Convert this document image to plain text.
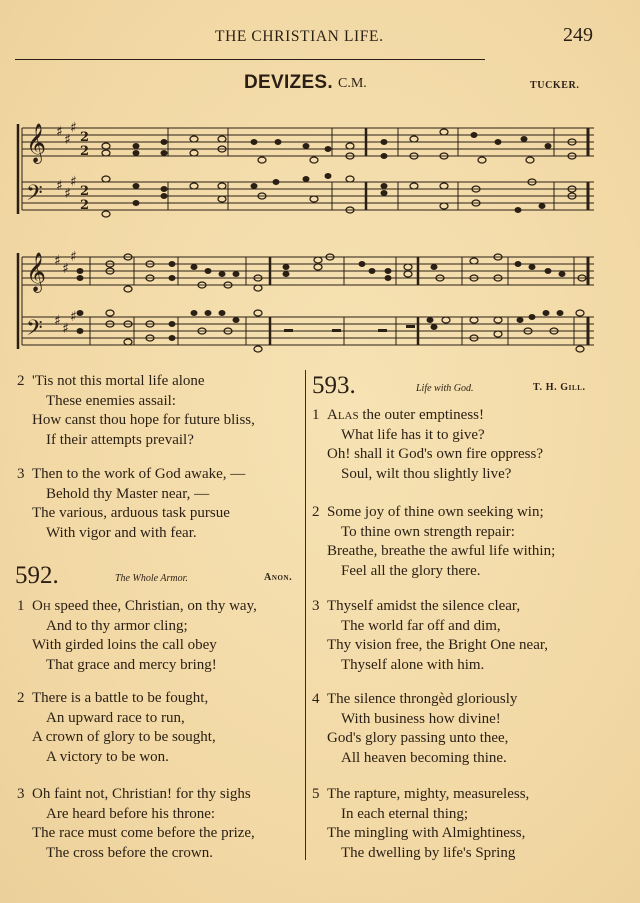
THE CHRISTIAN LIFE.	249
DEVIZES. C.M.	TUCKER.
𝄞
𝄢
♯ ♯
♯
♯ ♯
♯
2
2
2
2
𝄞
𝄢
♯ ♯
♯
♯ ♯
♯
2 'Tis not this mortal life alone
These enemies assail:
How canst thou hope for future bliss,
If their attempts prevail?
3 Then to the work of God awake, —
Behold thy Master near, —
The various, arduous task pursue
With vigor and with fear.
592.	The Whole Armor.	Anon.
1 Oh speed thee, Christian, on thy way,
And to thy armor cling;
With girded loins the call obey
That grace and mercy bring!
2 There is a battle to be fought,
An upward race to run,
A crown of glory to be sought,
A victory to be won.
3 Oh faint not, Christian! for thy sighs
Are heard before his throne:
The race must come before the prize,
The cross before the crown.
593.	Life with God.	T. H. Gill.
1 Alas the outer emptiness!
What life has it to give?
Oh! shall it God's own fire oppress?
Soul, wilt thou slightly live?
2 Some joy of thine own seeking win;
To thine own strength repair:
Breathe, breathe the awful life within;
Feel all the glory there.
3 Thyself amidst the silence clear,
The world far off and dim,
Thy vision free, the Bright One near,
Thyself alone with him.
4 The silence throngèd gloriously
With business how divine!
God's glory passing unto thee,
All heaven becoming thine.
5 The rapture, mighty, measureless,
In each eternal thing;
The mingling with Almightiness,
The dwelling by life's Spring
